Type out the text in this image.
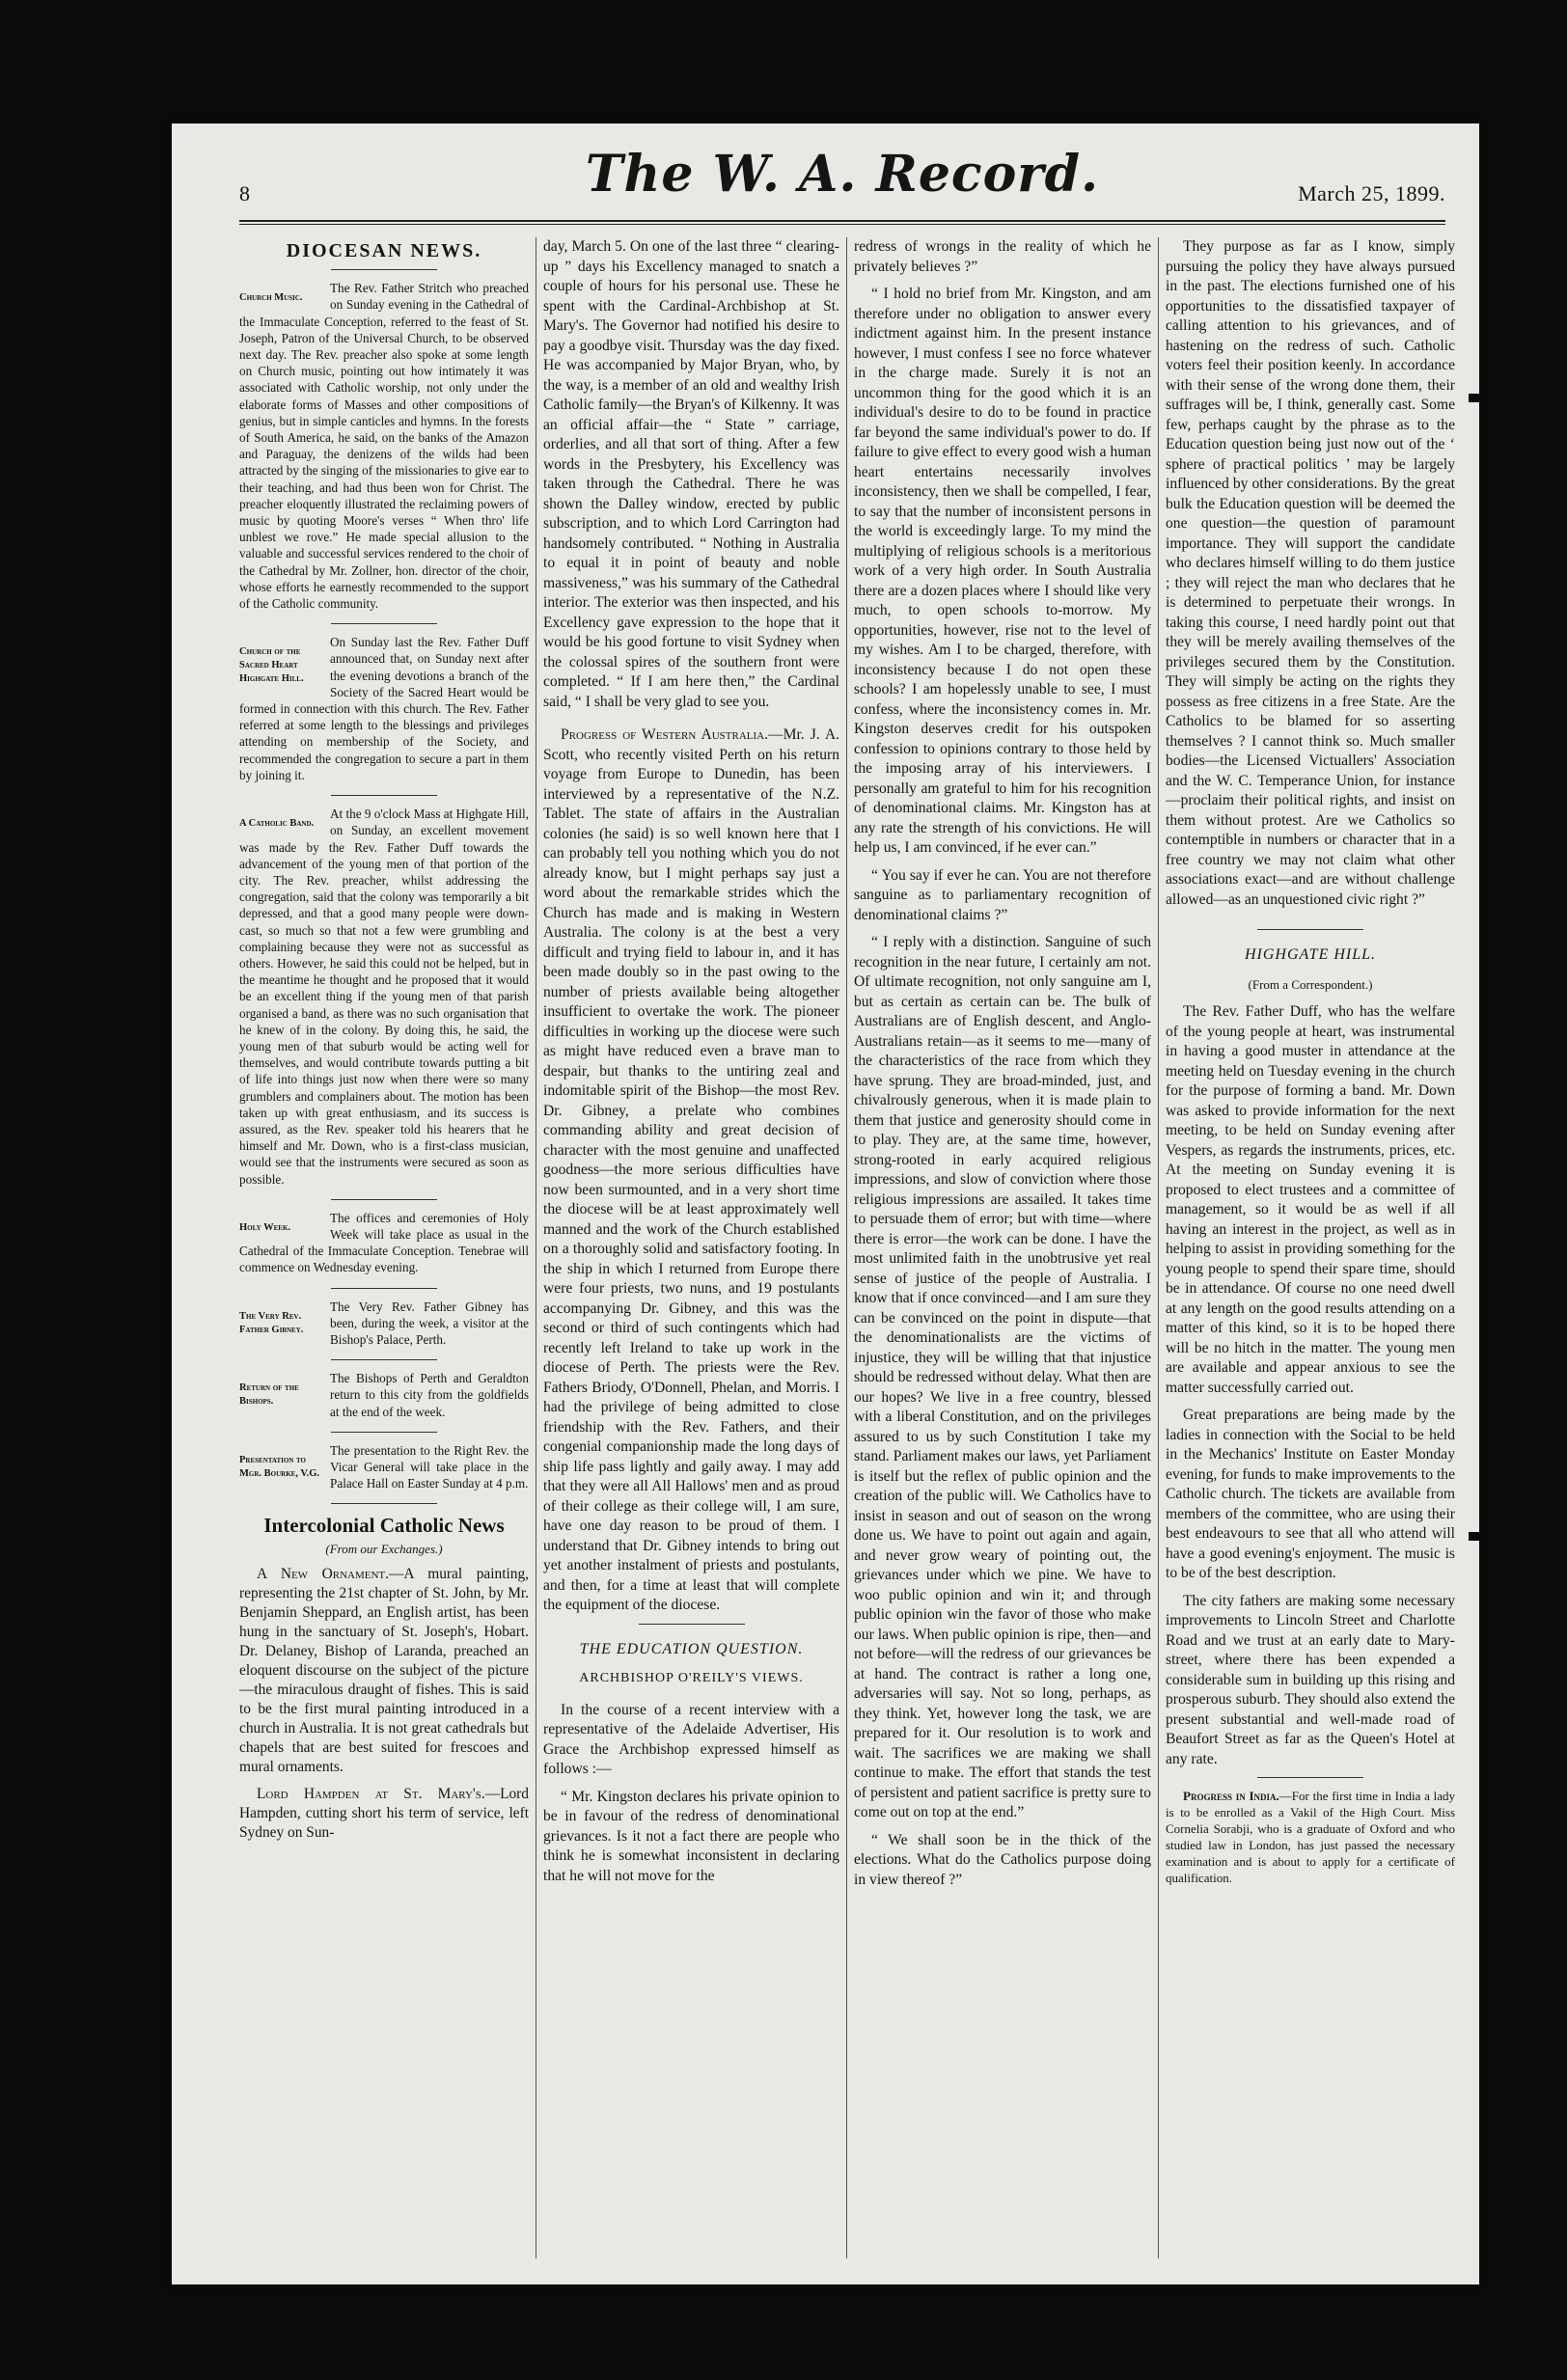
8	The W. A. Record.	March 25, 1899.
DIOCESAN NEWS.
Church Music.
The Rev. Father Stritch who preached on Sunday evening in the Cathedral of the Immaculate Conception, referred to the feast of St. Joseph, Patron of the Universal Church, to be observed next day. The Rev. preacher also spoke at some length on Church music, pointing out how intimately it was associated with Catholic worship, not only under the elaborate forms of Masses and other compositions of genius, but in simple canticles and hymns. In the forests of South America, he said, on the banks of the Amazon and Paraguay, the denizens of the wilds had been attracted by the singing of the missionaries to give ear to their teaching, and had thus been won for Christ. The preacher eloquently illustrated the reclaiming powers of music by quoting Moore's verses “ When thro' life unblest we rove.” He made special allusion to the valuable and successful services rendered to the choir of the Cathedral by Mr. Zollner, hon. director of the choir, whose efforts he earnestly recommended to the support of the Catholic community.
Church of the Sacred Heart Highgate Hill.
On Sunday last the Rev. Father Duff announced that, on Sunday next after the evening devotions a branch of the Society of the Sacred Heart would be formed in connection with this church. The Rev. Father referred at some length to the blessings and privileges attending on membership of the Society, and recommended the congregation to secure a part in them by joining it.
A Catholic Band.
At the 9 o'clock Mass at Highgate Hill, on Sunday, an excellent movement was made by the Rev. Father Duff towards the advancement of the young men of that portion of the city. The Rev. preacher, whilst addressing the congregation, said that the colony was temporarily a bit depressed, and that a good many people were down-cast, so much so that not a few were grumbling and complaining because they were not as successful as others. However, he said this could not be helped, but in the meantime he thought and he proposed that it would be an excellent thing if the young men of that parish organised a band, as there was no such organisation that he knew of in the colony. By doing this, he said, the young men of that suburb would be acting well for themselves, and would contribute towards putting a bit of life into things just now when there were so many grumblers and complainers about. The motion has been taken up with great enthusiasm, and its success is assured, as the Rev. speaker told his hearers that he himself and Mr. Down, who is a first-class musician, would see that the instruments were secured as soon as possible.
Holy Week.
The offices and ceremonies of Holy Week will take place as usual in the Cathedral of the Immaculate Conception. Tenebrae will commence on Wednesday evening.
The Very Rev. Father Gibney.
The Very Rev. Father Gibney has been, during the week, a visitor at the Bishop's Palace, Perth.
Return of the Bishops.
The Bishops of Perth and Geraldton return to this city from the goldfields at the end of the week.
Presentation to Mgr. Bourke, V.G.
The presentation to the Right Rev. the Vicar General will take place in the Palace Hall on Easter Sunday at 4 p.m.
Intercolonial Catholic News
(From our Exchanges.)

A New Ornament.—A mural painting, representing the 21st chapter of St. John, by Mr. Benjamin Sheppard, an English artist, has been hung in the sanctuary of St. Joseph's, Hobart. Dr. Delaney, Bishop of Laranda, preached an eloquent discourse on the subject of the picture—the miraculous draught of fishes. This is said to be the first mural painting introduced in a church in Australia. It is not great cathedrals but chapels that are best suited for frescoes and mural ornaments.

Lord Hampden at St. Mary's.—Lord Hampden, cutting short his term of service, left Sydney on Sun-

day, March 5. On one of the last three “ clearing-up ” days his Excellency managed to snatch a couple of hours for his personal use. These he spent with the Cardinal-Archbishop at St. Mary's. The Governor had notified his desire to pay a goodbye visit. Thursday was the day fixed. He was accompanied by Major Bryan, who, by the way, is a member of an old and wealthy Irish Catholic family—the Bryan's of Kilkenny. It was an official affair—the “ State ” carriage, orderlies, and all that sort of thing. After a few words in the Presbytery, his Excellency was taken through the Cathedral. There he was shown the Dalley window, erected by public subscription, and to which Lord Carrington had handsomely contributed. “ Nothing in Australia to equal it in point of beauty and noble massiveness,” was his summary of the Cathedral interior. The exterior was then inspected, and his Excellency gave expression to the hope that it would be his good fortune to visit Sydney when the colossal spires of the southern front were completed. “ If I am here then,” the Cardinal said, “ I shall be very glad to see you.

Progress of Western Australia.—Mr. J. A. Scott, who recently visited Perth on his return voyage from Europe to Dunedin, has been interviewed by a representative of the N.Z. Tablet. The state of affairs in the Australian colonies (he said) is so well known here that I can probably tell you nothing which you do not already know, but I might perhaps say just a word about the remarkable strides which the Church has made and is making in Western Australia. The colony is at the best a very difficult and trying field to labour in, and it has been made doubly so in the past owing to the number of priests available being altogether insufficient to overtake the work. The pioneer difficulties in working up the diocese were such as might have reduced even a brave man to despair, but thanks to the untiring zeal and indomitable spirit of the Bishop—the most Rev. Dr. Gibney, a prelate who combines commanding ability and great decision of character with the most genuine and unaffected goodness—the more serious difficulties have now been surmounted, and in a very short time the diocese will be at least approximately well manned and the work of the Church established on a thoroughly solid and satisfactory footing. In the ship in which I returned from Europe there were four priests, two nuns, and 19 postulants accompanying Dr. Gibney, and this was the second or third of such contingents which had recently left Ireland to take up work in the diocese of Perth. The priests were the Rev. Fathers Briody, O'Donnell, Phelan, and Morris. I had the privilege of being admitted to close friendship with the Rev. Fathers, and their congenial companionship made the long days of ship life pass lightly and gaily away. I may add that they were all All Hallows' men and as proud of their college as their college will, I am sure, have one day reason to be proud of them. I understand that Dr. Gibney intends to bring out yet another instalment of priests and postulants, and then, for a time at least that will complete the equipment of the diocese.

THE EDUCATION QUESTION.
ARCHBISHOP O'REILY'S VIEWS.

In the course of a recent interview with a representative of the Adelaide Advertiser, His Grace the Archbishop expressed himself as follows :—

“ Mr. Kingston declares his private opinion to be in favour of the redress of denominational grievances. Is it not a fact there are people who think he is somewhat inconsistent in declaring that he will not move for the

redress of wrongs in the reality of which he privately believes ?”

“ I hold no brief from Mr. Kingston, and am therefore under no obligation to answer every indictment against him. In the present instance however, I must confess I see no force whatever in the charge made. Surely it is not an uncommon thing for the good which it is an individual's desire to do to be found in practice far beyond the same individual's power to do. If failure to give effect to every good wish a human heart entertains necessarily involves inconsistency, then we shall be compelled, I fear, to say that the number of inconsistent persons in the world is exceedingly large. To my mind the multiplying of religious schools is a meritorious work of a very high order. In South Australia there are a dozen places where I should like very much, to open schools to-morrow. My opportunities, however, rise not to the level of my wishes. Am I to be charged, therefore, with inconsistency because I do not open these schools? I am hopelessly unable to see, I must confess, where the inconsistency comes in. Mr. Kingston deserves credit for his outspoken confession to opinions contrary to those held by the imposing array of his interviewers. I personally am grateful to him for his recognition of denominational claims. Mr. Kingston has at any rate the strength of his convictions. He will help us, I am convinced, if he ever can.”

“ You say if ever he can. You are not therefore sanguine as to parliamentary recognition of denominational claims ?”

“ I reply with a distinction. Sanguine of such recognition in the near future, I certainly am not. Of ultimate recognition, not only sanguine am I, but as certain as certain can be. The bulk of Australians are of English descent, and Anglo-Australians retain—as it seems to me—many of the characteristics of the race from which they have sprung. They are broad-minded, just, and chivalrously generous, when it is made plain to them that justice and generosity should come in to play. They are, at the same time, however, strong-rooted in early acquired religious impressions, and slow of conviction where those religious impressions are assailed. It takes time to persuade them of error; but with time—where there is error—the work can be done. I have the most unlimited faith in the unobtrusive yet real sense of justice of the people of Australia. I know that if once convinced—and I am sure they can be convinced on the point in dispute—that the denominationalists are the victims of injustice, they will be willing that that injustice should be redressed without delay. What then are our hopes? We live in a free country, blessed with a liberal Constitution, and on the privileges assured to us by such Constitution I take my stand. Parliament makes our laws, yet Parliament is itself but the reflex of public opinion and the creation of the public will. We Catholics have to insist in season and out of season on the wrong done us. We have to point out again and again, and never grow weary of pointing out, the grievances under which we pine. We have to woo public opinion and win it; and through public opinion win the favor of those who make our laws. When public opinion is ripe, then—and not before—will the redress of our grievances be at hand. The contract is rather a long one, adversaries will say. Not so long, perhaps, as they think. Yet, however long the task, we are prepared for it. Our resolution is to work and wait. The sacrifices we are making we shall continue to make. The effort that stands the test of persistent and patient sacrifice is pretty sure to come out on top at the end.”

“ We shall soon be in the thick of the elections. What do the Catholics purpose doing in view thereof ?”

They purpose as far as I know, simply pursuing the policy they have always pursued in the past. The elections furnished one of his opportunities to the dissatisfied taxpayer of calling attention to his grievances, and of hastening on the redress of such. Catholic voters feel their position keenly. In accordance with their sense of the wrong done them, their suffrages will be, I think, generally cast. Some few, perhaps caught by the phrase as to the Education question being just now out of the ‘ sphere of practical politics ’ may be largely influenced by other considerations. By the great bulk the Education question will be deemed the one question—the question of paramount importance. They will support the candidate who declares himself willing to do them justice ; they will reject the man who declares that he is determined to perpetuate their wrongs. In taking this course, I need hardly point out that they will be merely availing themselves of the privileges secured them by the Constitution. They will simply be acting on the rights they possess as free citizens in a free State. Are the Catholics to be blamed for so asserting themselves ? I cannot think so. Much smaller bodies—the Licensed Victuallers' Association and the W. C. Temperance Union, for instance—proclaim their political rights, and insist on them without protest. Are we Catholics so contemptible in numbers or character that in a free country we may not claim what other associations exact—and are without challenge allowed—as an unquestioned civic right ?”

HIGHGATE HILL.
(From a Correspondent.)

The Rev. Father Duff, who has the welfare of the young people at heart, was instrumental in having a good muster in attendance at the meeting held on Tuesday evening in the church for the purpose of forming a band. Mr. Down was asked to provide information for the next meeting, to be held on Sunday evening after Vespers, as regards the instruments, prices, etc. At the meeting on Sunday evening it is proposed to elect trustees and a committee of management, so it would be as well if all having an interest in the project, as well as in helping to assist in providing something for the young people to spend their spare time, should be in attendance. Of course no one need dwell at any length on the good results attending on a matter of this kind, so it is to be hoped there will be no hitch in the matter. The young men are available and appear anxious to see the matter successfully carried out.

Great preparations are being made by the ladies in connection with the Social to be held in the Mechanics' Institute on Easter Monday evening, for funds to make improvements to the Catholic church. The tickets are available from members of the committee, who are using their best endeavours to see that all who attend will have a good evening's enjoyment. The music is to be of the best description.

The city fathers are making some necessary improvements to Lincoln Street and Charlotte Road and we trust at an early date to Mary-street, where there has been expended a considerable sum in building up this rising and prosperous suburb. They should also extend the present substantial and well-made road of Beaufort Street as far as the Queen's Hotel at any rate.

Progress in India.—For the first time in India a lady is to be enrolled as a Vakil of the High Court. Miss Cornelia Sorabji, who is a graduate of Oxford and who studied law in London, has just passed the necessary examination and is about to apply for a certificate of qualification.
